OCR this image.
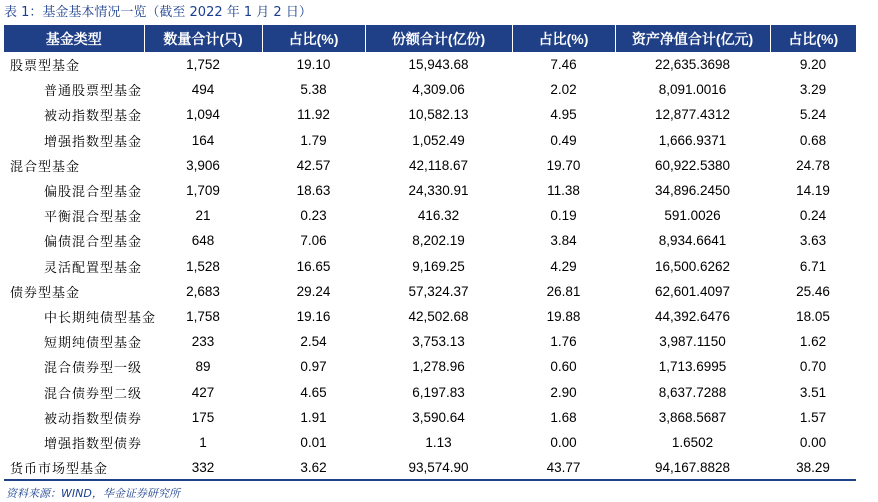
表 1：基金基本情况一览（截至 2022 年 1 月 2 日）
基金类型	数量合计(只)	占比(%)	份额合计(亿份)	占比(%)	资产净值合计(亿元)	占比(%)
股票型基金	1,752	19.10	15,943.68	7.46	22,635.3698	9.20
普通股票型基金	494	5.38	4,309.06	2.02	8,091.0016	3.29
被动指数型基金	1,094	11.92	10,582.13	4.95	12,877.4312	5.24
增强指数型基金	164	1.79	1,052.49	0.49	1,666.9371	0.68
混合型基金	3,906	42.57	42,118.67	19.70	60,922.5380	24.78
偏股混合型基金	1,709	18.63	24,330.91	11.38	34,896.2450	14.19
平衡混合型基金	21	0.23	416.32	0.19	591.0026	0.24
偏债混合型基金	648	7.06	8,202.19	3.84	8,934.6641	3.63
灵活配置型基金	1,528	16.65	9,169.25	4.29	16,500.6262	6.71
债券型基金	2,683	29.24	57,324.37	26.81	62,601.4097	25.46
中长期纯债型基金	1,758	19.16	42,502.68	19.88	44,392.6476	18.05
短期纯债型基金	233	2.54	3,753.13	1.76	3,987.1150	1.62
混合债券型一级	89	0.97	1,278.96	0.60	1,713.6995	0.70
混合债券型二级	427	4.65	6,197.83	2.90	8,637.7288	3.51
被动指数型债券	175	1.91	3,590.64	1.68	3,868.5687	1.57
增强指数型债券	1	0.01	1.13	0.00	1.6502	0.00
货币市场型基金	332	3.62	93,574.90	43.77	94,167.8828	38.29
资料来源：WIND，华金证券研究所
